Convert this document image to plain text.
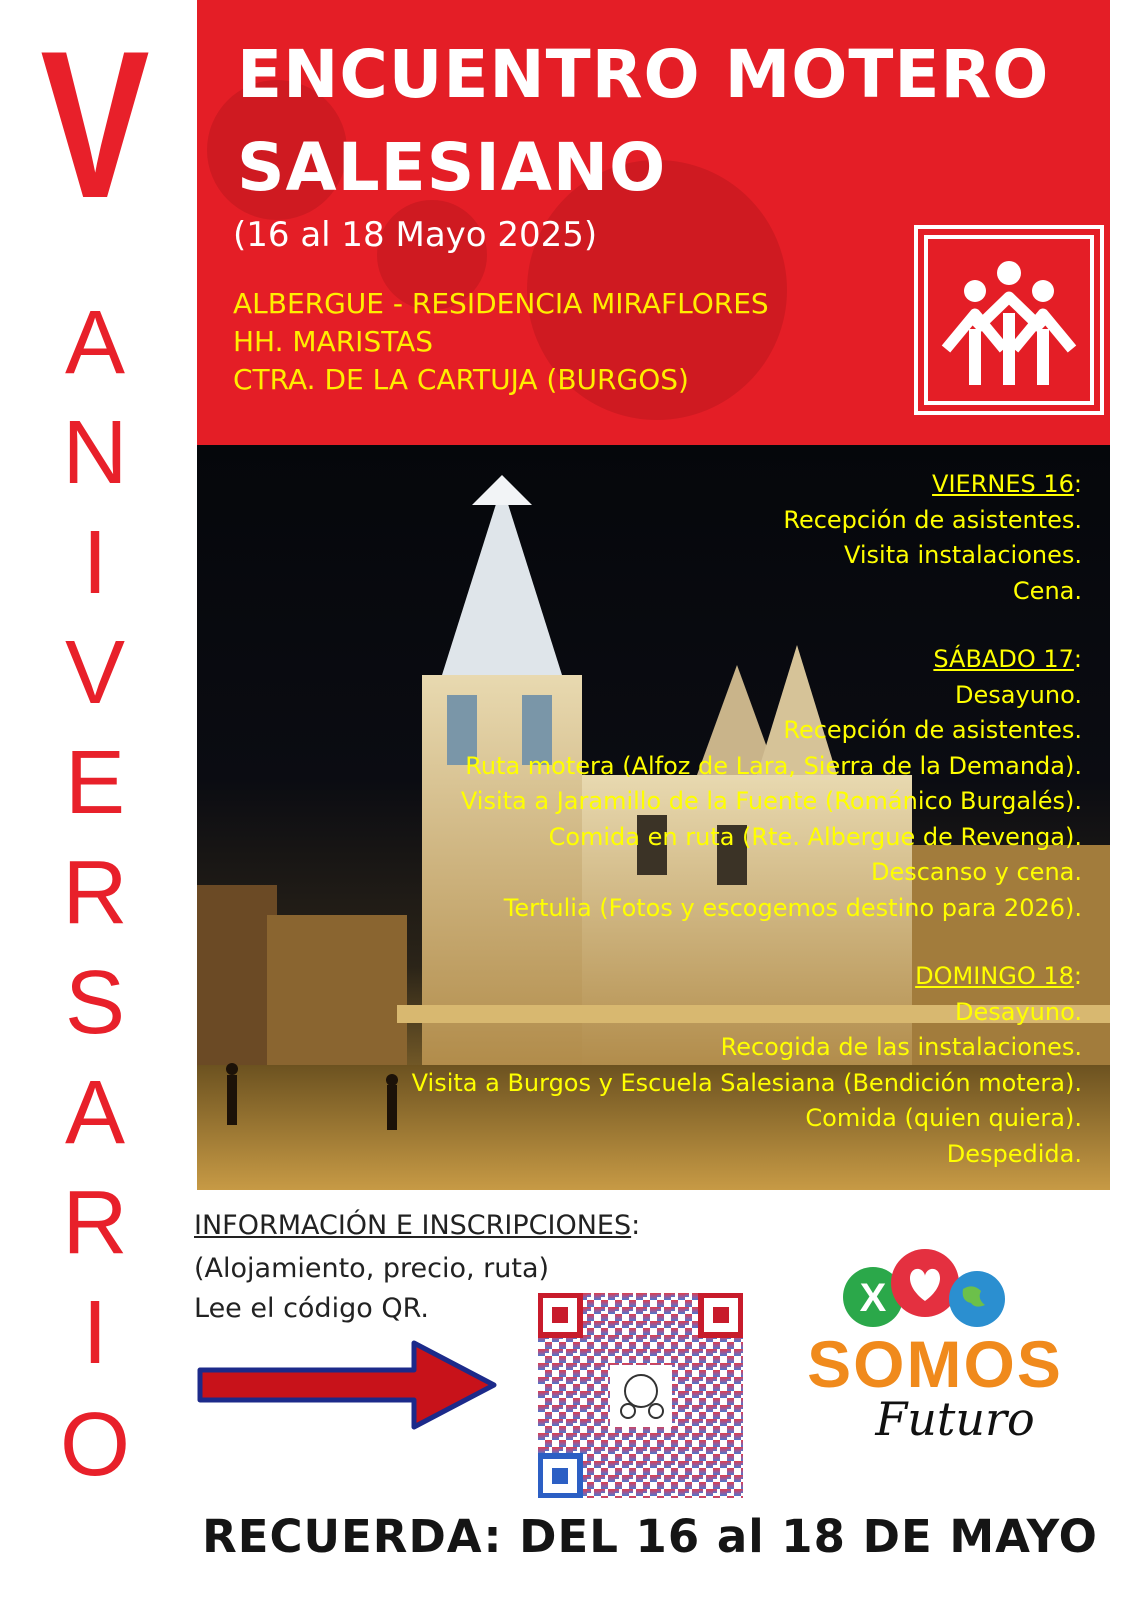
V
A
N
I
V
E
R
S
A
R
I
O
ENCUENTRO MOTERO
SALESIANO
(16 al 18 Mayo 2025)
ALBERGUE - RESIDENCIA MIRAFLORES
HH. MARISTAS
CTRA. DE LA CARTUJA (BURGOS)
VIERNES 16:
Recepción de asistentes.
Visita instalaciones.
Cena.
SÁBADO 17:
Desayuno.
Recepción de asistentes.
Ruta motera (Alfoz de Lara, Sierra de la Demanda).
Visita a Jaramillo de la Fuente (Románico Burgalés).
Comida en ruta (Rte. Albergue de Revenga).
Descanso y cena.
Tertulia (Fotos y escogemos destino para 2026).
DOMINGO 18:
Desayuno.
Recogida de las instalaciones.
Visita a Burgos y Escuela Salesiana (Bendición motera).
Comida (quien quiera).
Despedida.
INFORMACIÓN E INSCRIPCIONES:
(Alojamiento, precio, ruta)
Lee el código QR.	X
SOMOS
Futuro
RECUERDA: DEL 16 al 18 DE MAYO
